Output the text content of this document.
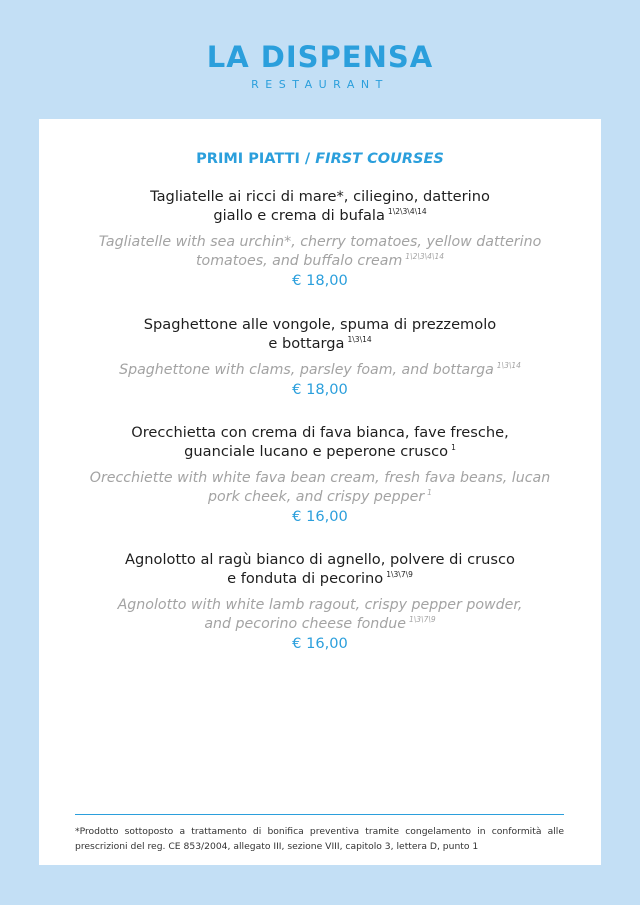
LA DISPENSA
RESTAURANT
PRIMI PIATTI / FIRST COURSES
Tagliatelle ai ricci di mare*, ciliegino, datterino
giallo e crema di bufala $^{1\backslash 2\backslash 3\backslash 4\backslash 14}$
Tagliatelle with sea urchin*, cherry tomatoes, yellow datterino
tomatoes, and buffalo cream $^{1\backslash 2\backslash 3\backslash 4\backslash 14}$
€ 18,00
Spaghettone alle vongole, spuma di prezzemolo
e bottarga $^{1\backslash 3\backslash 14}$
Spaghettone with clams, parsley foam, and bottarga $^{1\backslash 3\backslash 14}$
€ 18,00
Orecchietta con crema di fava bianca, fave fresche,
guanciale lucano e peperone crusco $^1$
Orecchiette with white fava bean cream, fresh fava beans, lucan
pork cheek, and crispy pepper $^1$
€ 16,00
Agnolotto al ragù bianco di agnello, polvere di crusco
e fonduta di pecorino $^{1\backslash 3\backslash 7\backslash 9}$
Agnolotto with white lamb ragout, crispy pepper powder,
and pecorino cheese fondue $^{1\backslash 3\backslash 7\backslash 9}$
€ 16,00
*Prodotto sottoposto a trattamento di bonifica preventiva tramite congelamento in conformità alle prescrizioni del reg. CE 853/2004, allegato III, sezione VIII, capitolo 3, lettera D, punto 1
